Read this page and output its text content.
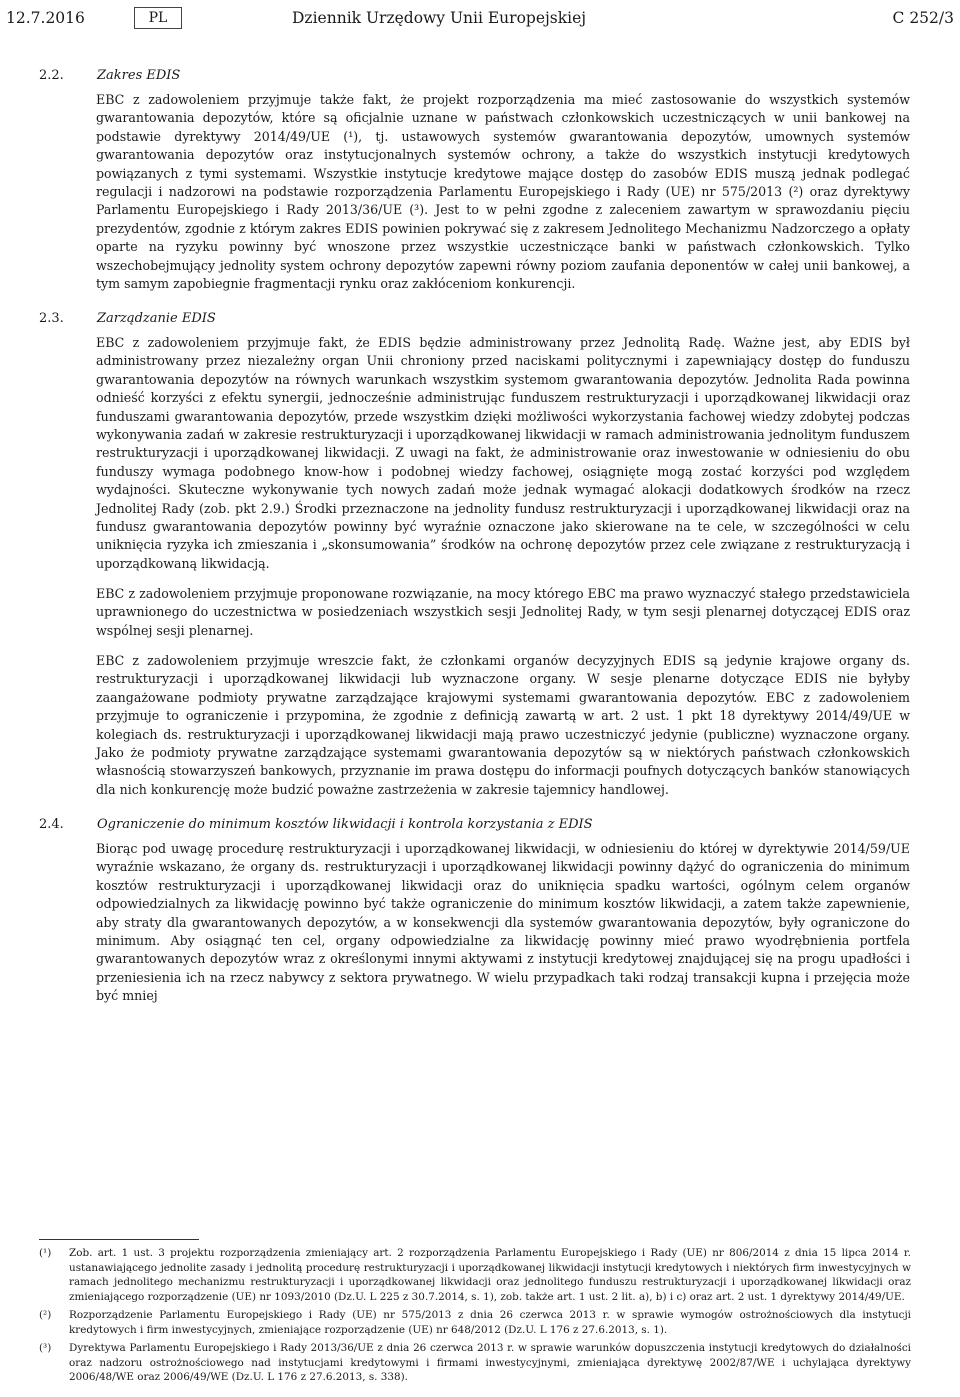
12.7.2016	PL	Dziennik Urzędowy Unii Europejskiej	C 252/3
2.2.	Zakres EDIS

EBC z zadowoleniem przyjmuje także fakt, że projekt rozporządzenia ma mieć zastosowanie do wszystkich systemów gwarantowania depozytów, które są oficjalnie uznane w państwach członkowskich uczestniczących w unii bankowej na podstawie dyrektywy 2014/49/UE (¹), tj. ustawowych systemów gwarantowania depozytów, umownych systemów gwarantowania depozytów oraz instytucjonalnych systemów ochrony, a także do wszystkich instytucji kredytowych powiązanych z tymi systemami. Wszystkie instytucje kredytowe mające dostęp do zasobów EDIS muszą jednak podlegać regulacji i nadzorowi na podstawie rozporządzenia Parlamentu Europejskiego i Rady (UE) nr 575/2013 (²) oraz dyrektywy Parlamentu Europejskiego i Rady 2013/36/UE (³). Jest to w pełni zgodne z zaleceniem zawartym w sprawozdaniu pięciu prezydentów, zgodnie z którym zakres EDIS powinien pokrywać się z zakresem Jednolitego Mechanizmu Nadzorczego a opłaty oparte na ryzyku powinny być wnoszone przez wszystkie uczestniczące banki w państwach członkowskich. Tylko wszechobejmujący jednolity system ochrony depozytów zapewni równy poziom zaufania deponentów w całej unii bankowej, a tym samym zapobiegnie fragmentacji rynku oraz zakłóceniom konkurencji.

2.3.	Zarządzanie EDIS

EBC z zadowoleniem przyjmuje fakt, że EDIS będzie administrowany przez Jednolitą Radę. Ważne jest, aby EDIS był administrowany przez niezależny organ Unii chroniony przed naciskami politycznymi i zapewniający dostęp do funduszu gwarantowania depozytów na równych warunkach wszystkim systemom gwarantowania depozytów. Jednolita Rada powinna odnieść korzyści z efektu synergii, jednocześnie administrując funduszem restrukturyzacji i uporządkowanej likwidacji oraz funduszami gwarantowania depozytów, przede wszystkim dzięki możliwości wykorzystania fachowej wiedzy zdobytej podczas wykonywania zadań w zakresie restrukturyzacji i uporządkowanej likwidacji w ramach administrowania jednolitym funduszem restrukturyzacji i uporządkowanej likwidacji. Z uwagi na fakt, że administrowanie oraz inwestowanie w odniesieniu do obu funduszy wymaga podobnego know-how i podobnej wiedzy fachowej, osiągnięte mogą zostać korzyści pod względem wydajności. Skuteczne wykonywanie tych nowych zadań może jednak wymagać alokacji dodatkowych środków na rzecz Jednolitej Rady (zob. pkt 2.9.) Środki przeznaczone na jednolity fundusz restrukturyzacji i uporządkowanej likwidacji oraz na fundusz gwarantowania depozytów powinny być wyraźnie oznaczone jako skierowane na te cele, w szczególności w celu uniknięcia ryzyka ich zmieszania i „skonsumowania” środków na ochronę depozytów przez cele związane z restrukturyzacją i uporządkowaną likwidacją.

EBC z zadowoleniem przyjmuje proponowane rozwiązanie, na mocy którego EBC ma prawo wyznaczyć stałego przedstawiciela uprawnionego do uczestnictwa w posiedzeniach wszystkich sesji Jednolitej Rady, w tym sesji plenarnej dotyczącej EDIS oraz wspólnej sesji plenarnej.

EBC z zadowoleniem przyjmuje wreszcie fakt, że członkami organów decyzyjnych EDIS są jedynie krajowe organy ds. restrukturyzacji i uporządkowanej likwidacji lub wyznaczone organy. W sesje plenarne dotyczące EDIS nie byłyby zaangażowane podmioty prywatne zarządzające krajowymi systemami gwarantowania depozytów. EBC z zadowoleniem przyjmuje to ograniczenie i przypomina, że zgodnie z definicją zawartą w art. 2 ust. 1 pkt 18 dyrektywy 2014/49/UE w kolegiach ds. restrukturyzacji i uporządkowanej likwidacji mają prawo uczestniczyć jedynie (publiczne) wyznaczone organy. Jako że podmioty prywatne zarządzające systemami gwarantowania depozytów są w niektórych państwach członkowskich własnością stowarzyszeń bankowych, przyznanie im prawa dostępu do informacji poufnych dotyczących banków stanowiących dla nich konkurencję może budzić poważne zastrzeżenia w zakresie tajemnicy handlowej.

2.4.	Ograniczenie do minimum kosztów likwidacji i kontrola korzystania z EDIS

Biorąc pod uwagę procedurę restrukturyzacji i uporządkowanej likwidacji, w odniesieniu do której w dyrektywie 2014/59/UE wyraźnie wskazano, że organy ds. restrukturyzacji i uporządkowanej likwidacji powinny dążyć do ograniczenia do minimum kosztów restrukturyzacji i uporządkowanej likwidacji oraz do uniknięcia spadku wartości, ogólnym celem organów odpowiedzialnych za likwidację powinno być także ograniczenie do minimum kosztów likwidacji, a zatem także zapewnienie, aby straty dla gwarantowanych depozytów, a w konsekwencji dla systemów gwarantowania depozytów, były ograniczone do minimum. Aby osiągnąć ten cel, organy odpowiedzialne za likwidację powinny mieć prawo wyodrębnienia portfela gwarantowanych depozytów wraz z określonymi innymi aktywami z instytucji kredytowej znajdującej się na progu upadłości i przeniesienia ich na rzecz nabywcy z sektora prywatnego. W wielu przypadkach taki rodzaj transakcji kupna i przejęcia może być mniej

(¹) Zob. art. 1 ust. 3 projektu rozporządzenia zmieniający art. 2 rozporządzenia Parlamentu Europejskiego i Rady (UE) nr 806/2014 z dnia 15 lipca 2014 r. ustanawiającego jednolite zasady i jednolitą procedurę restrukturyzacji i uporządkowanej likwidacji instytucji kredytowych i niektórych firm inwestycyjnych w ramach jednolitego mechanizmu restrukturyzacji i uporządkowanej likwidacji oraz jednolitego funduszu restrukturyzacji i uporządkowanej likwidacji oraz zmieniającego rozporządzenie (UE) nr 1093/2010 (Dz.U. L 225 z 30.7.2014, s. 1), zob. także art. 1 ust. 2 lit. a), b) i c) oraz art. 2 ust. 1 dyrektywy 2014/49/UE.

(²) Rozporządzenie Parlamentu Europejskiego i Rady (UE) nr 575/2013 z dnia 26 czerwca 2013 r. w sprawie wymogów ostrożnościowych dla instytucji kredytowych i firm inwestycyjnych, zmieniające rozporządzenie (UE) nr 648/2012 (Dz.U. L 176 z 27.6.2013, s. 1).

(³) Dyrektywa Parlamentu Europejskiego i Rady 2013/36/UE z dnia 26 czerwca 2013 r. w sprawie warunków dopuszczenia instytucji kredytowych do działalności oraz nadzoru ostrożnościowego nad instytucjami kredytowymi i firmami inwestycyjnymi, zmieniająca dyrektywę 2002/87/WE i uchylająca dyrektywy 2006/48/WE oraz 2006/49/WE (Dz.U. L 176 z 27.6.2013, s. 338).
